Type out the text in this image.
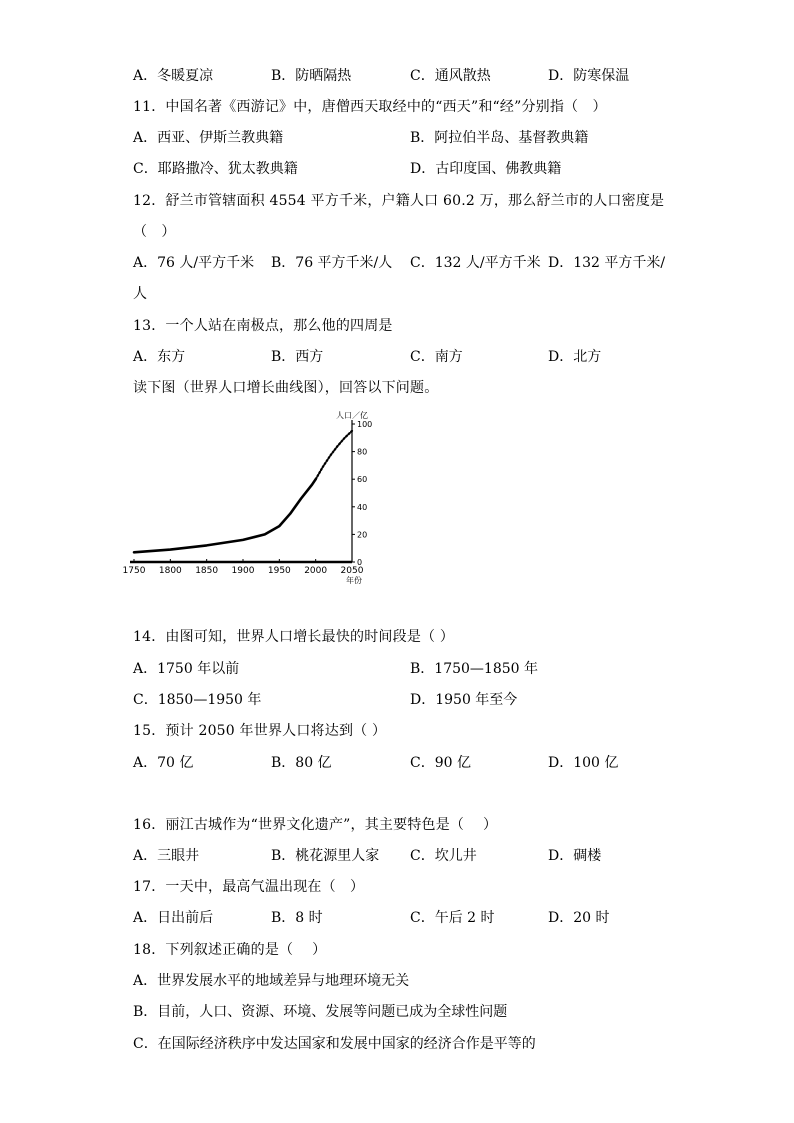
A．冬暖夏凉	B．防晒隔热	C．通风散热	D．防寒保温
11．中国名著《西游记》中，唐僧西天取经中的“西天”和“经”分别指（　）
A．西亚、伊斯兰教典籍	B．阿拉伯半岛、基督教典籍
C．耶路撒冷、犹太教典籍	D．古印度国、佛教典籍
12．舒兰市管辖面积 4554 平方千米，户籍人口 60.2 万，那么舒兰市的人口密度是
（　）
A．76 人/平方千米 B．76 平方千米/人 C．132 人/平方千米 D．132 平方千米/
人
13．一个人站在南极点，那么他的四周是
A．东方	B．西方	C．南方	D．北方
读下图（世界人口增长曲线图），回答以下问题。
1750 1800 1850 1900 1950 2000 2050
100
80
60
40
20
0
人口／亿
年份
14．由图可知，世界人口增长最快的时间段是（ ）
A．1750 年以前	B．1750—1850 年
C．1850—1950 年	D．1950 年至今
15．预计 2050 年世界人口将达到（ ）
A．70 亿	B．80 亿	C．90 亿	D．100 亿
16．丽江古城作为“世界文化遗产”，其主要特色是（　 ）
A．三眼井	B．桃花源里人家 C．坎儿井	D．碉楼
17．一天中，最高气温出现在（　）
A．日出前后	B．8 时	C．午后 2 时	D．20 时
18．下列叙述正确的是（　 ）
A．世界发展水平的地域差异与地理环境无关
B．目前，人口、资源、环境、发展等问题已成为全球性问题
C．在国际经济秩序中发达国家和发展中国家的经济合作是平等的
